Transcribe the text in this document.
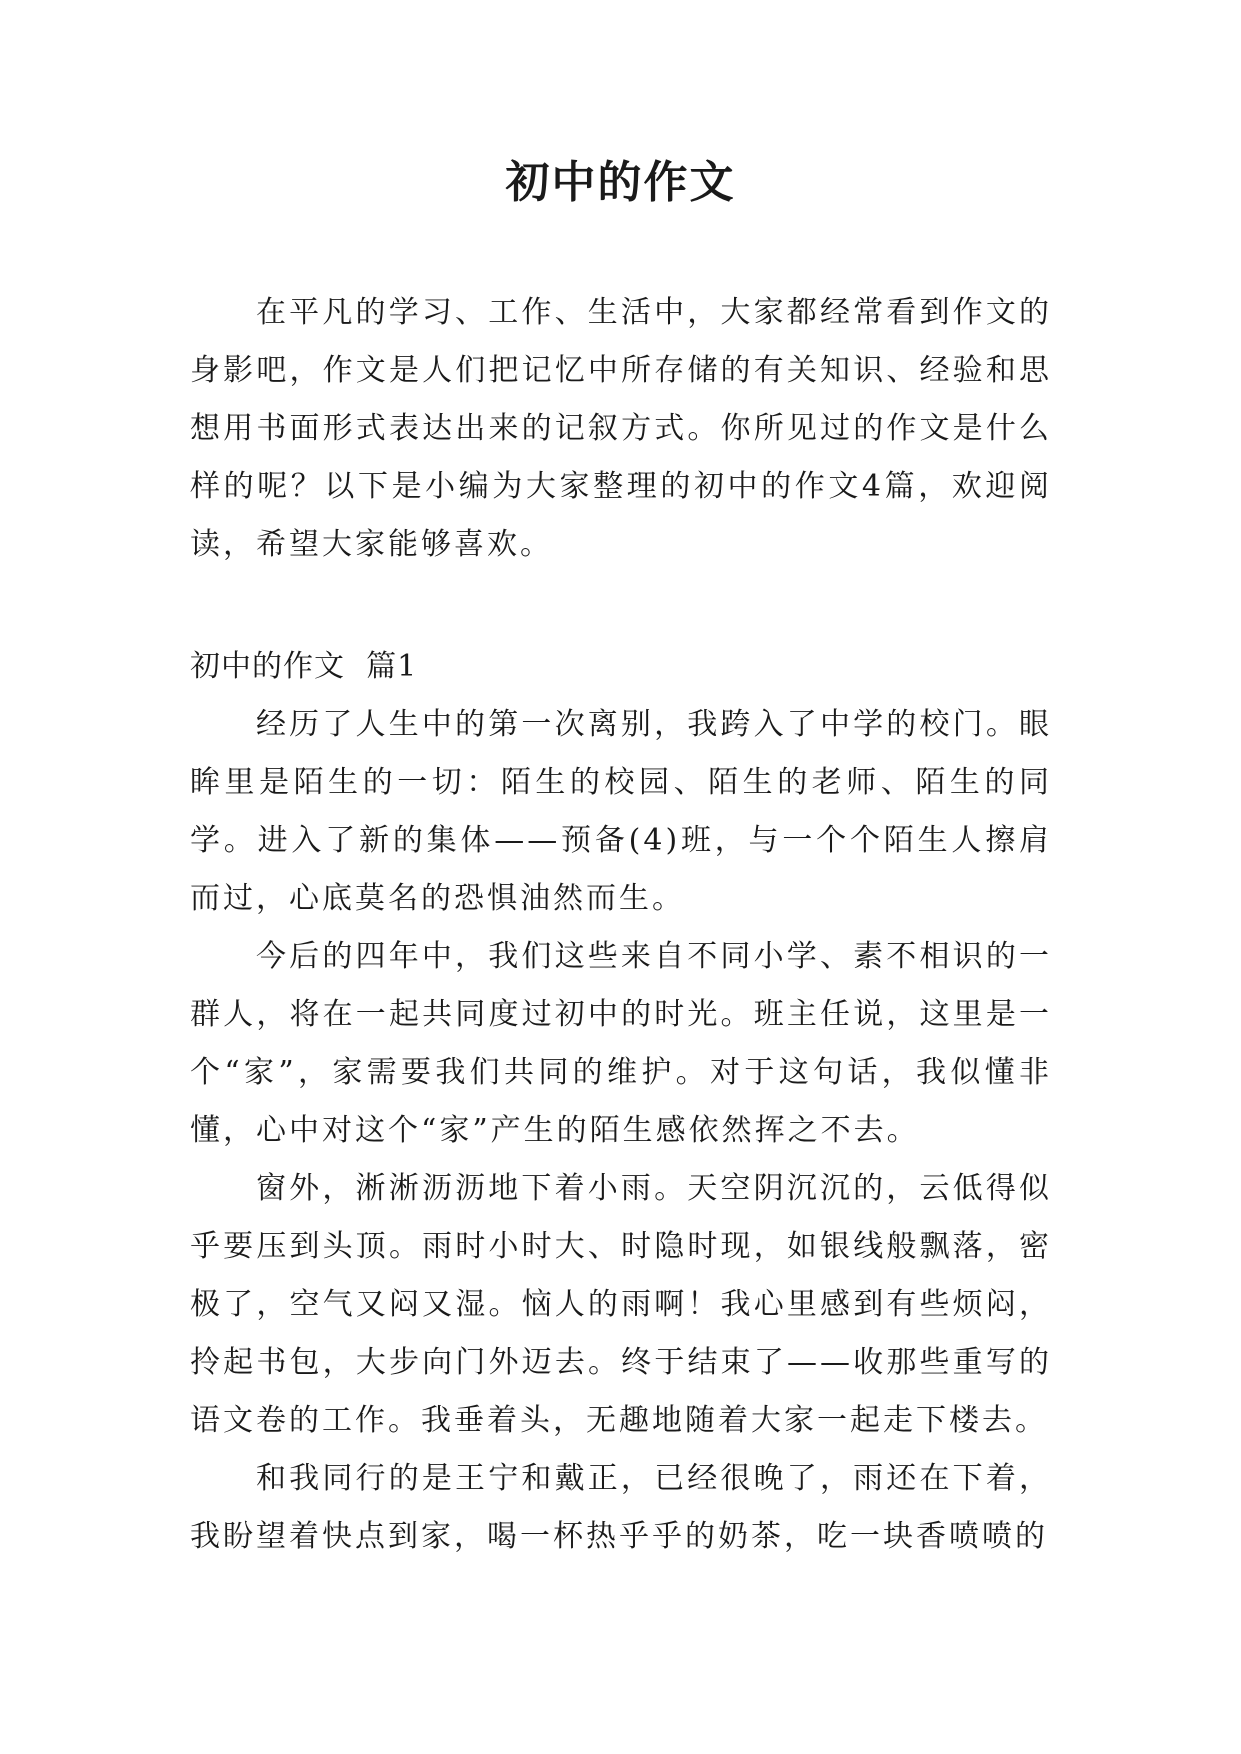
初中的作文

在平凡的学习、工作、生活中，大家都经常看到作文的身影吧，作文是人们把记忆中所存储的有关知识、经验和思想用书面形式表达出来的记叙方式。你所见过的作文是什么样的呢？以下是小编为大家整理的初中的作文4篇，欢迎阅读，希望大家能够喜欢。

初中的作文  篇1

经历了人生中的第一次离别，我跨入了中学的校门。眼眸里是陌生的一切：陌生的校园、陌生的老师、陌生的同学。进入了新的集体——预备(4)班，与一个个陌生人擦肩而过，心底莫名的恐惧油然而生。

今后的四年中，我们这些来自不同小学、素不相识的一群人，将在一起共同度过初中的时光。班主任说，这里是一个“家”，家需要我们共同的维护。对于这句话，我似懂非懂，心中对这个“家”产生的陌生感依然挥之不去。

窗外，淅淅沥沥地下着小雨。天空阴沉沉的，云低得似乎要压到头顶。雨时小时大、时隐时现，如银线般飘落，密极了，空气又闷又湿。恼人的雨啊！我心里感到有些烦闷，拎起书包，大步向门外迈去。终于结束了——收那些重写的语文卷的工作。我垂着头，无趣地随着大家一起走下楼去。

和我同行的是王宁和戴正，已经很晚了，雨还在下着，我盼望着快点到家，喝一杯热乎乎的奶茶，吃一块香喷喷的
